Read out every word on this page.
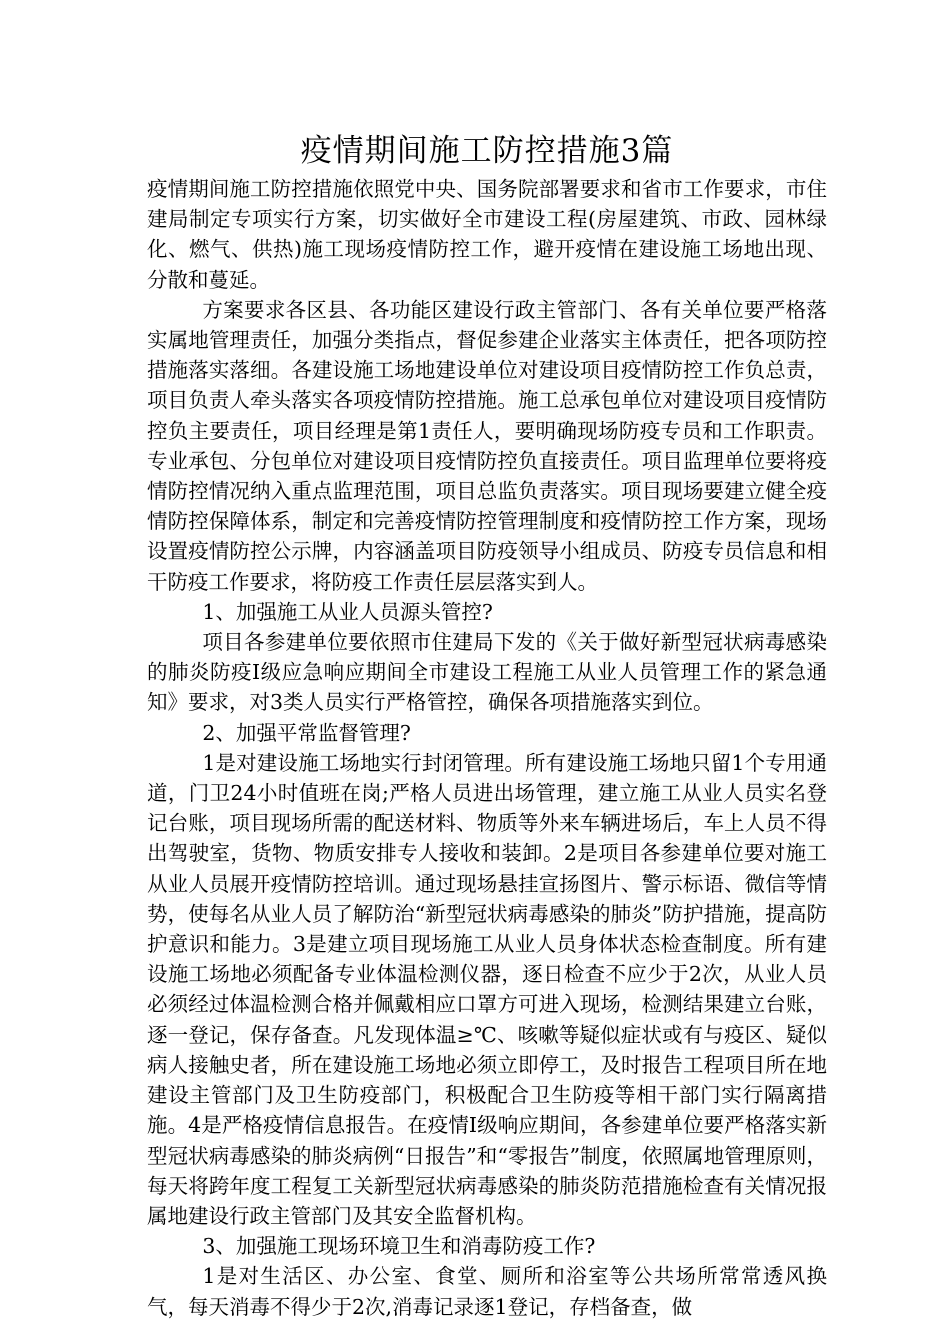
疫情期间施工防控措施3篇

疫情期间施工防控措施依照党中央、国务院部署要求和省市工作要求，市住建局制定专项实行方案，切实做好全市建设工程(房屋建筑、市政、园林绿化、燃气、供热)施工现场疫情防控工作，避开疫情在建设施工场地出现、分散和蔓延。

方案要求各区县、各功能区建设行政主管部门、各有关单位要严格落实属地管理责任，加强分类指点，督促参建企业落实主体责任，把各项防控措施落实落细。各建设施工场地建设单位对建设项目疫情防控工作负总责，项目负责人牵头落实各项疫情防控措施。施工总承包单位对建设项目疫情防控负主要责任，项目经理是第1责任人，要明确现场防疫专员和工作职责。专业承包、分包单位对建设项目疫情防控负直接责任。项目监理单位要将疫情防控情况纳入重点监理范围，项目总监负责落实。项目现场要建立健全疫情防控保障体系，制定和完善疫情防控管理制度和疫情防控工作方案，现场设置疫情防控公示牌，内容涵盖项目防疫领导小组成员、防疫专员信息和相干防疫工作要求，将防疫工作责任层层落实到人。

1、加强施工从业人员源头管控?

项目各参建单位要依照市住建局下发的《关于做好新型冠状病毒感染的肺炎防疫Ⅰ级应急响应期间全市建设工程施工从业人员管理工作的紧急通知》要求，对3类人员实行严格管控，确保各项措施落实到位。

2、加强平常监督管理?

1是对建设施工场地实行封闭管理。所有建设施工场地只留1个专用通道，门卫24小时值班在岗;严格人员进出场管理，建立施工从业人员实名登记台账，项目现场所需的配送材料、物质等外来车辆进场后，车上人员不得出驾驶室，货物、物质安排专人接收和装卸。2是项目各参建单位要对施工从业人员展开疫情防控培训。通过现场悬挂宣扬图片、警示标语、微信等情势，使每名从业人员了解防治“新型冠状病毒感染的肺炎”防护措施，提高防护意识和能力。3是建立项目现场施工从业人员身体状态检查制度。所有建设施工场地必须配备专业体温检测仪器，逐日检查不应少于2次，从业人员必须经过体温检测合格并佩戴相应口罩方可进入现场，检测结果建立台账，逐一登记，保存备查。凡发现体温≥℃、咳嗽等疑似症状或有与疫区、疑似病人接触史者，所在建设施工场地必须立即停工，及时报告工程项目所在地建设主管部门及卫生防疫部门，积极配合卫生防疫等相干部门实行隔离措施。4是严格疫情信息报告。在疫情Ⅰ级响应期间，各参建单位要严格落实新型冠状病毒感染的肺炎病例“日报告”和“零报告”制度，依照属地管理原则，每天将跨年度工程复工关新型冠状病毒感染的肺炎防范措施检查有关情况报属地建设行政主管部门及其安全监督机构。

3、加强施工现场环境卫生和消毒防疫工作?

1是对生活区、办公室、食堂、厕所和浴室等公共场所常常透风换气，每天消毒不得少于2次,消毒记录逐1登记，存档备查，做
